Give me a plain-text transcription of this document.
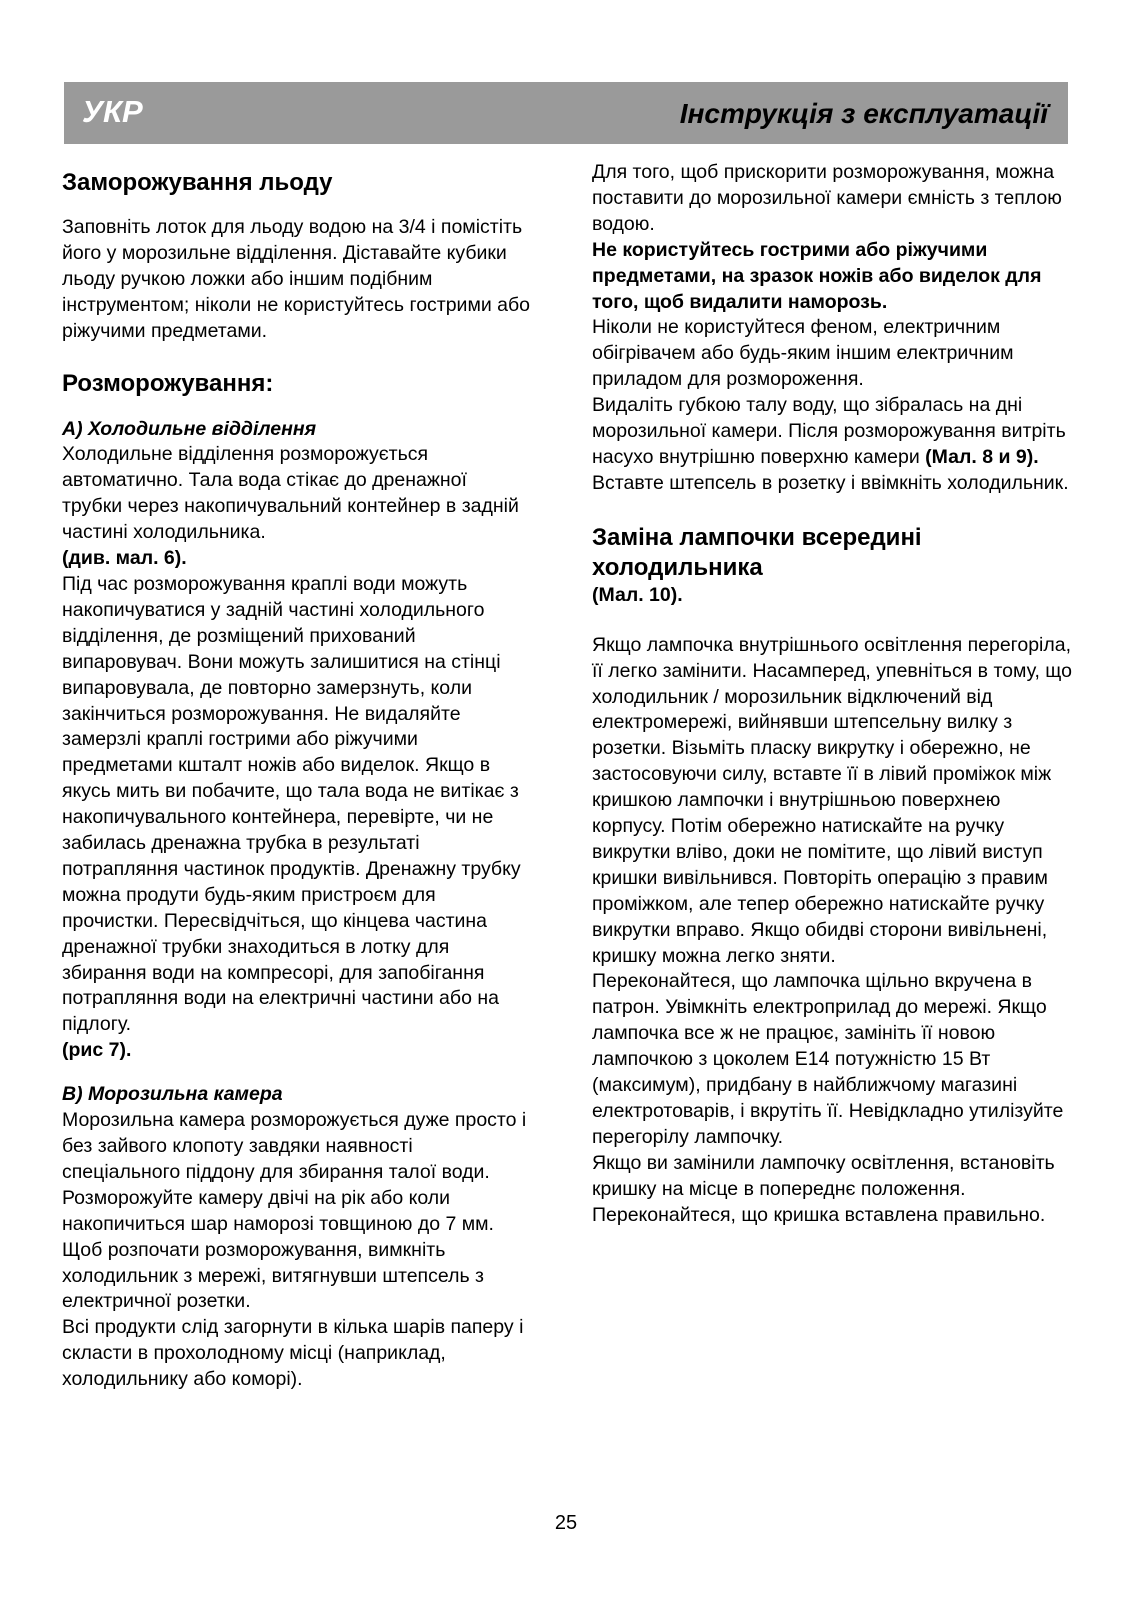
УКР	Інструкція з експлуатації
Заморожування льоду

Заповніть лоток для льоду водою на 3/4 і помістіть його у морозильне відділення. Діставайте кубики льоду ручкою ложки або іншим подібним інструментом; ніколи не користуйтесь гострими або ріжучими предметами.

Розморожування:

А) Холодильне відділення

Холодильне відділення розморожується автоматично. Тала вода стікає до дренажної трубки через накопичувальний контейнер в задній частині холодильника.

(див. мал. 6).

Під час розморожування краплі води можуть накопичуватися у задній частині холодильного відділення, де розміщений прихований випаровувач. Вони можуть залишитися на стінці випаровувала, де повторно замерзнуть, коли закінчиться розморожування. Не видаляйте замерзлі краплі гострими або ріжучими предметами кшталт ножів або виделок. Якщо в якусь мить ви побачите, що тала вода не витікає з накопичувального контейнера, перевірте, чи не забилась дренажна трубка в результаті потрапляння частинок продуктів. Дренажну трубку можна продути будь-яким пристроєм для прочистки. Пересвідчіться, що кінцева частина дренажної трубки знаходиться в лотку для збирання води на компресорі, для запобігання потрапляння води на електричні частини або на підлогу.

(рис 7).

В) Морозильна камера

Морозильна камера розморожується дуже просто і без зайвого клопоту завдяки наявності спеціального піддону для збирання талої води.

Розморожуйте камеру двічі на рік або коли накопичиться шар наморозі товщиною до 7 мм. Щоб розпочати розморожування, вимкніть холодильник з мережі, витягнувши штепсель з електричної розетки.

Всі продукти слід загорнути в кілька шарів паперу і скласти в прохолодному місці (наприклад, холодильнику або коморі).

Для того, щоб прискорити розморожування, можна поставити до морозильної камери ємність з теплою водою.

Не користуйтесь гострими або ріжучими предметами, на зразок ножів або виделок для того, щоб видалити наморозь.

Ніколи не користуйтеся феном, електричним обігрівачем або будь-яким іншим електричним приладом для розмороження.

Видаліть губкою талу воду, що зібралась на дні морозильної камери. Після розморожування витріть насухо внутрішню поверхню камери (Мал. 8 и 9).

Вставте штепсель в розетку і ввімкніть холодильник.

Заміна лампочки всередині холодильника

(Мал. 10).

Якщо лампочка внутрішнього освітлення перегоріла, її легко замінити. Насамперед, упевніться в тому, що холодильник / морозильник відключений від електромережі, вийнявши штепсельну вилку з розетки. Візьміть пласку викрутку і обережно, не застосовуючи силу, вставте її в лівий проміжок між кришкою лампочки і внутрішньою поверхнею корпусу. Потім обережно натискайте на ручку викрутки вліво, доки не помітите, що лівий виступ кришки вивільнився. Повторіть операцію з правим проміжком, але тепер обережно натискайте ручку викрутки вправо. Якщо обидві сторони вивільнені, кришку можна легко зняти.

Переконайтеся, що лампочка щільно вкручена в патрон. Увімкніть електроприлад до мережі. Якщо лампочка все ж не працює, замініть її новою лампочкою з цоколем Е14 потужністю 15 Вт (максимум), придбану в найближчому магазині електротоварів, і вкрутіть її. Невідкладно утилізуйте перегорілу лампочку.

Якщо ви замінили лампочку освітлення, встановіть кришку на місце в попереднє положення. Переконайтеся, що кришка вставлена правильно.

25
